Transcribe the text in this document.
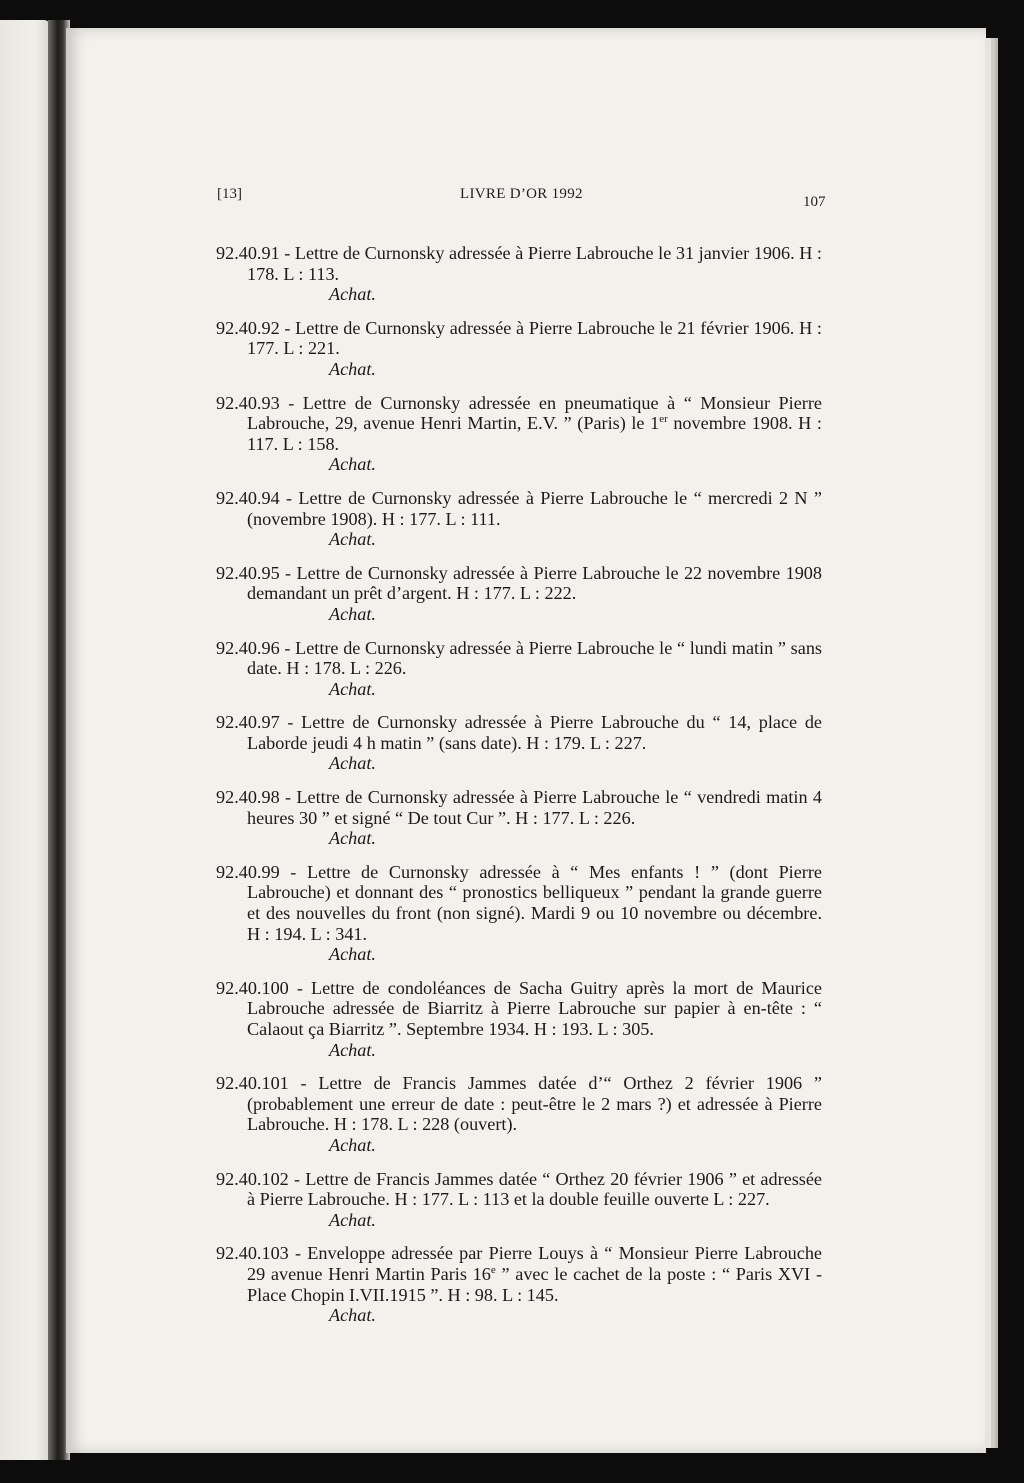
[13]	LIVRE D’OR 1992	107
92.40.91 - Lettre de Curnonsky adressée à Pierre Labrouche le 31 janvier 1906. H : 178. L : 113.
Achat.
92.40.92 - Lettre de Curnonsky adressée à Pierre Labrouche le 21 février 1906. H : 177. L : 221.
Achat.
92.40.93 - Lettre de Curnonsky adressée en pneumatique à “ Monsieur Pierre Labrouche, 29, avenue Henri Martin, E.V. ” (Paris) le 1er novembre 1908. H : 117. L : 158.
Achat.
92.40.94 - Lettre de Curnonsky adressée à Pierre Labrouche le “ mercredi 2 N ” (novembre 1908). H : 177. L : 111.
Achat.
92.40.95 - Lettre de Curnonsky adressée à Pierre Labrouche le 22 novembre 1908 demandant un prêt d’argent. H : 177. L : 222.
Achat.
92.40.96 - Lettre de Curnonsky adressée à Pierre Labrouche le “ lundi matin ” sans date. H : 178. L : 226.
Achat.
92.40.97 - Lettre de Curnonsky adressée à Pierre Labrouche du “ 14, place de Laborde jeudi 4 h matin ” (sans date). H : 179. L : 227.
Achat.
92.40.98 - Lettre de Curnonsky adressée à Pierre Labrouche le “ vendredi matin 4 heures 30 ” et signé “ De tout Cur ”. H : 177. L : 226.
Achat.
92.40.99 - Lettre de Curnonsky adressée à “ Mes enfants ! ” (dont Pierre Labrouche) et donnant des “ pronostics belliqueux ” pendant la grande guerre et des nouvelles du front (non signé). Mardi 9 ou 10 novembre ou décembre. H : 194. L : 341.
Achat.
92.40.100 - Lettre de condoléances de Sacha Guitry après la mort de Maurice Labrouche adressée de Biarritz à Pierre Labrouche sur papier à en-tête : “ Calaout ça Biarritz ”. Septembre 1934. H : 193. L : 305.
Achat.
92.40.101 - Lettre de Francis Jammes datée d’“ Orthez 2 février 1906 ” (probablement une erreur de date : peut-être le 2 mars ?) et adressée à Pierre Labrouche. H : 178. L : 228 (ouvert).
Achat.
92.40.102 - Lettre de Francis Jammes datée “ Orthez 20 février 1906 ” et adressée à Pierre Labrouche. H : 177. L : 113 et la double feuille ouverte L : 227.
Achat.
92.40.103 - Enveloppe adressée par Pierre Louys à “ Monsieur Pierre Labrouche 29 avenue Henri Martin Paris 16e ” avec le cachet de la poste : “ Paris XVI - Place Chopin I.VII.1915 ”. H : 98. L : 145.
Achat.
